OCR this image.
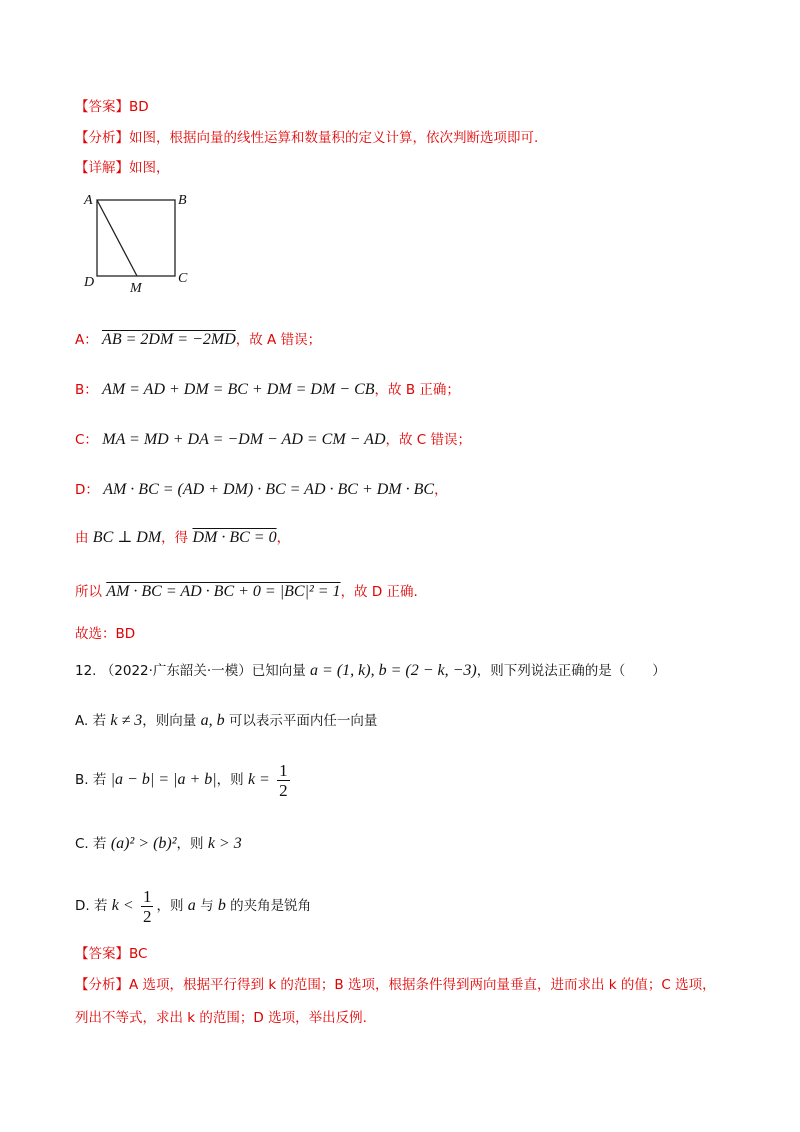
【答案】BD
【分析】如图，根据向量的线性运算和数量积的定义计算，依次判断选项即可.
【详解】如图，
A	B
C
D	M
A： AB = 2DM = −2MD，故 A 错误；
B： AM = AD + DM = BC + DM = DM − CB，故 B 正确；
C： MA = MD + DA = −DM − AD = CM − AD，故 C 错误；
D： AM · BC = (AD + DM) · BC = AD · BC + DM · BC，
由 BC ⊥ DM，得 DM · BC = 0，
所以 AM · BC = AD · BC + 0 = |BC|² = 1，故 D 正确.
故选：BD
12. （2022·广东韶关·一模）已知向量 a = (1, k), b = (2 − k, −3)，则下列说法正确的是（　　）
A. 若 k ≠ 3，则向量 a, b 可以表示平面内任一向量
B. 若 |a − b| = |a + b|，则 $k = \frac{1}{2}$
C. 若 (a)² > (b)²，则 k > 3
D. 若 $k < \frac{1}{2}$ ，则 a 与 b 的夹角是锐角
【答案】BC
【分析】A 选项，根据平行得到 k 的范围；B 选项，根据条件得到两向量垂直，进而求出 k 的值；C 选项，
列出不等式，求出 k 的范围；D 选项，举出反例.
